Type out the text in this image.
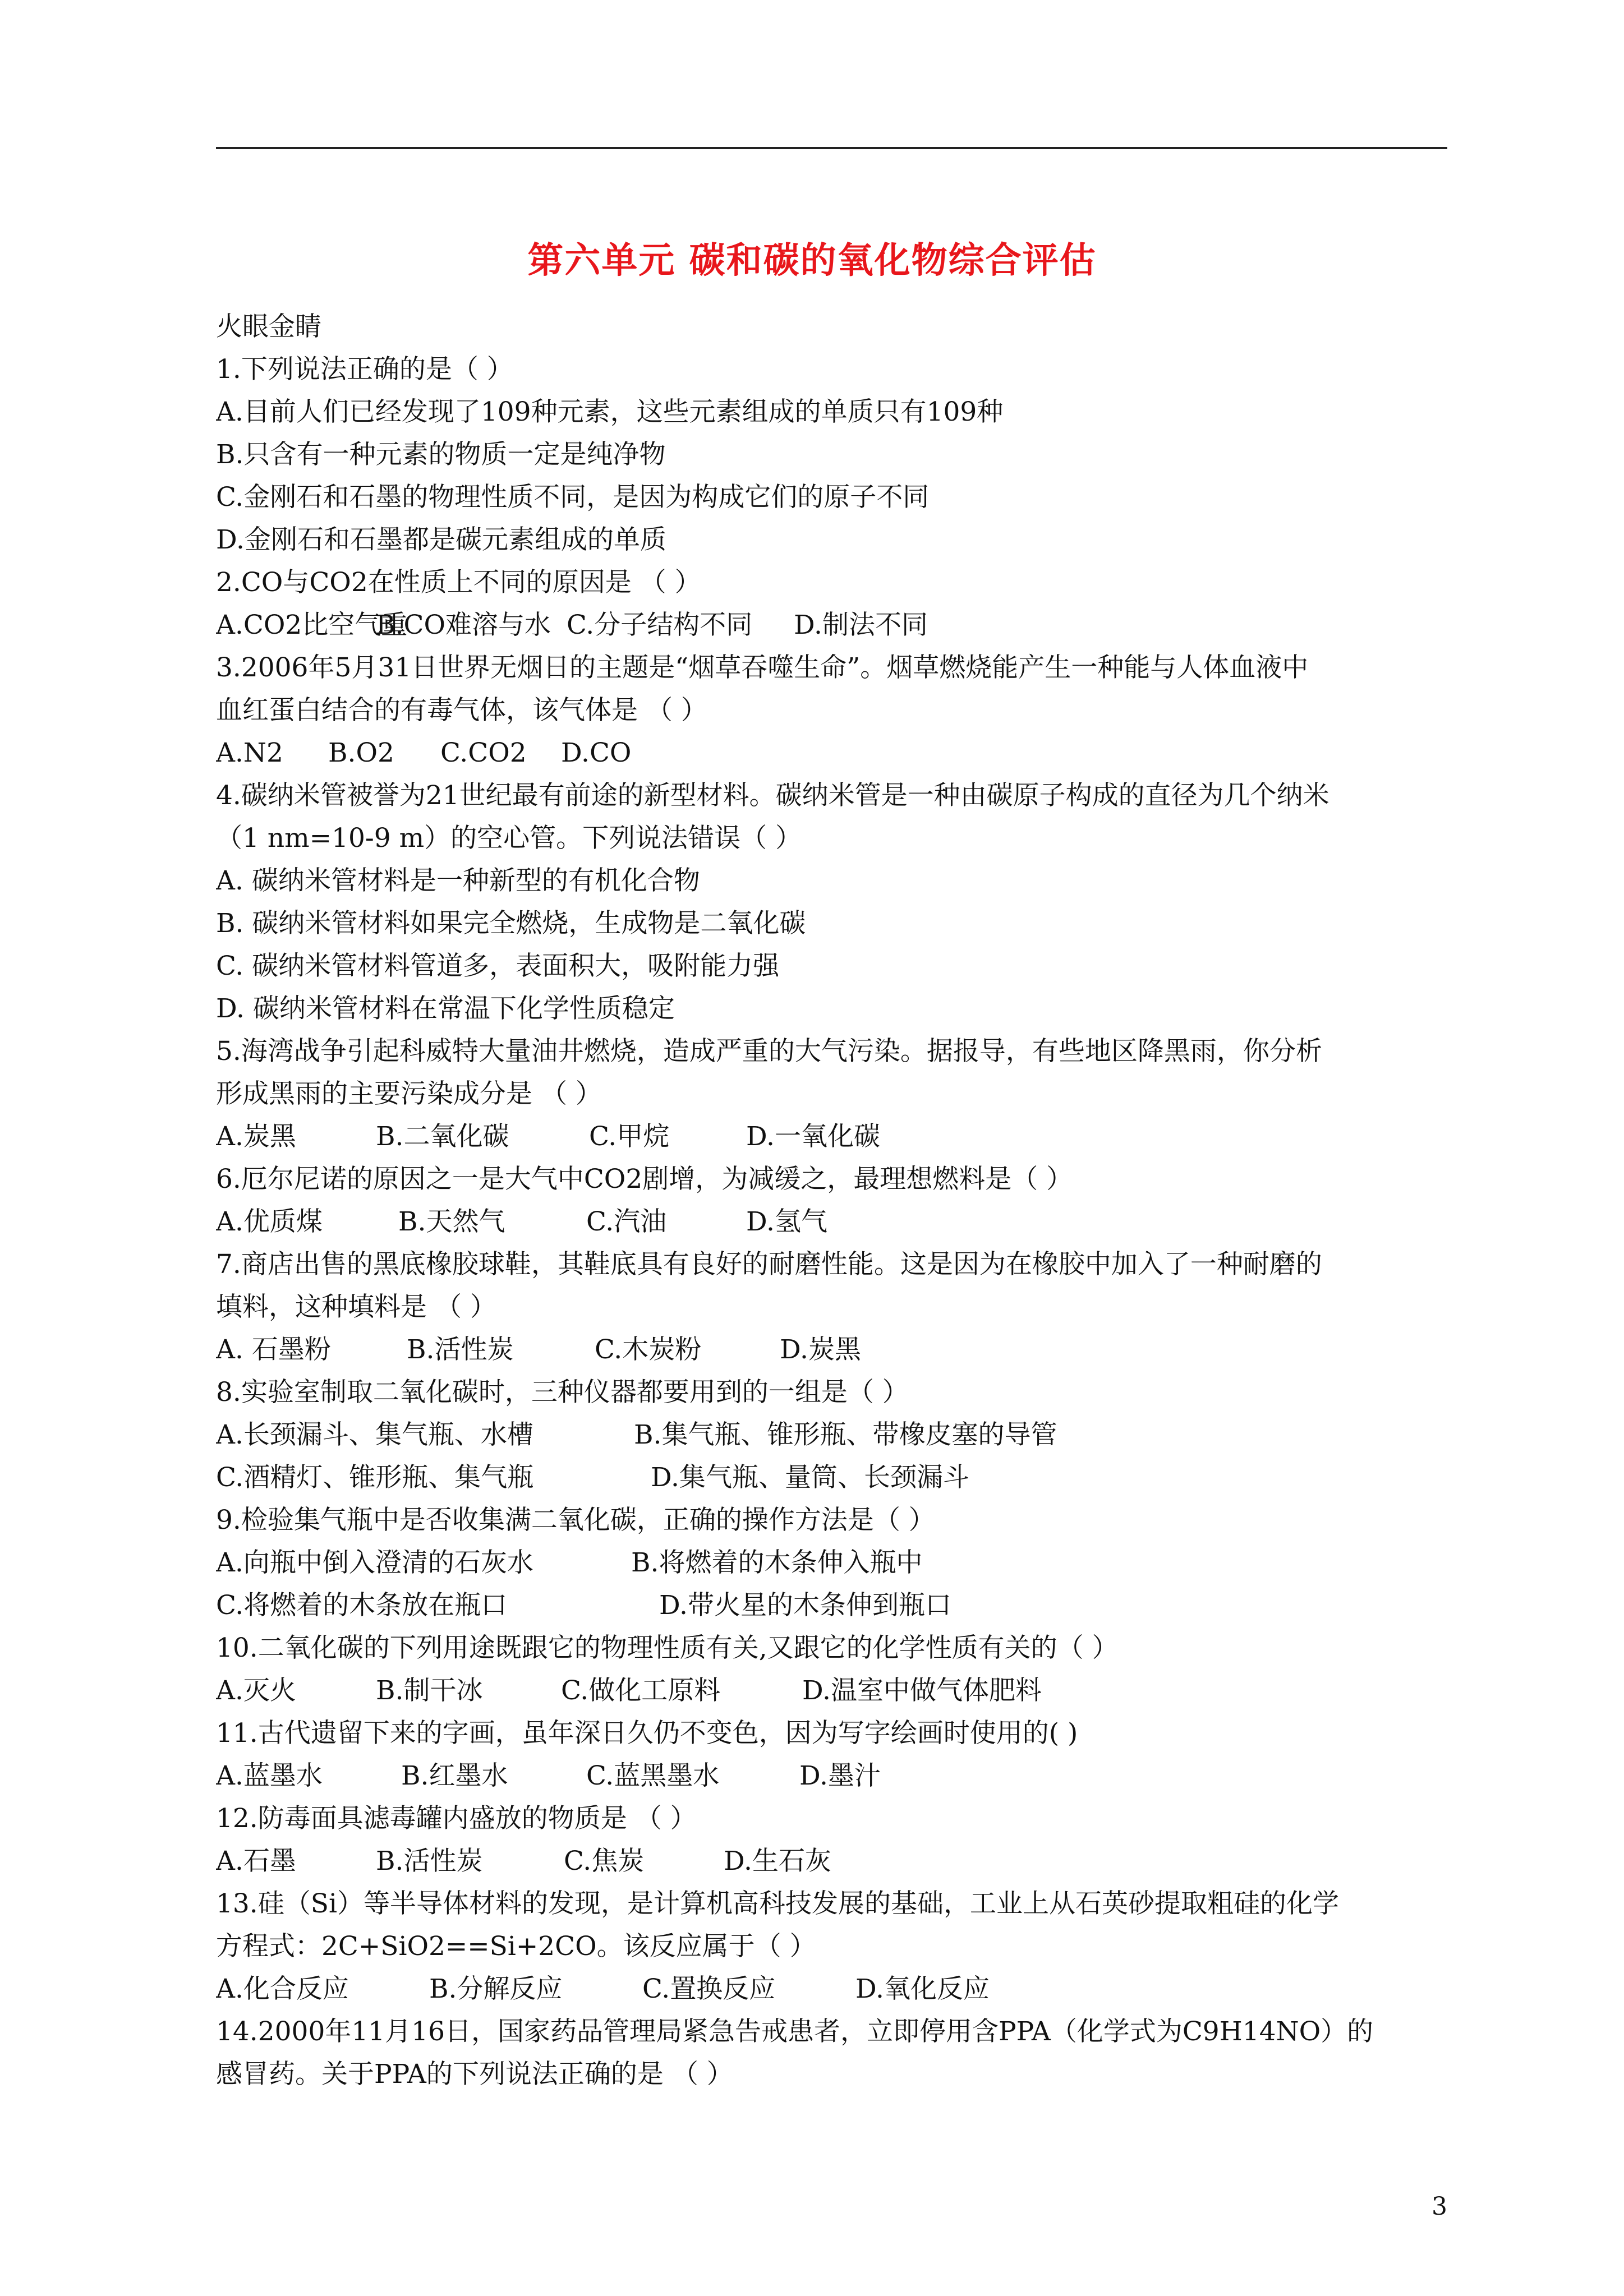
第六单元 碳和碳的氧化物综合评估
火眼金睛
1.下列说法正确的是（ ）
A.目前人们已经发现了109种元素，这些元素组成的单质只有109种
B.只含有一种元素的物质一定是纯净物
C.金刚石和石墨的物理性质不同，是因为构成它们的原子不同
D.金刚石和石墨都是碳元素组成的单质
2.CO与CO2在性质上不同的原因是 （ ）
A.CO2比空气重
B.CO难溶与水 C.分子结构不同	D.制法不同
3.2006年5月31日世界无烟日的主题是“烟草吞噬生命”。烟草燃烧能产生一种能与人体血液中
血红蛋白结合的有毒气体，该气体是 （ ）
A.N2	B.O2	C.CO2	D.CO
4.碳纳米管被誉为21世纪最有前途的新型材料。碳纳米管是一种由碳原子构成的直径为几个纳米
（1 nm=10-9 m）的空心管。下列说法错误（ ）
A. 碳纳米管材料是一种新型的有机化合物
B. 碳纳米管材料如果完全燃烧，生成物是二氧化碳
C. 碳纳米管材料管道多，表面积大，吸附能力强
D. 碳纳米管材料在常温下化学性质稳定
5.海湾战争引起科威特大量油井燃烧，造成严重的大气污染。据报导，有些地区降黑雨，你分析
形成黑雨的主要污染成分是 （ ）
A.炭黑	B.二氧化碳	C.甲烷	D.一氧化碳
6.厄尔尼诺的原因之一是大气中CO2剧增，为减缓之，最理想燃料是（ ）
A.优质煤	B.天然气	C.汽油	D.氢气
7.商店出售的黑底橡胶球鞋，其鞋底具有良好的耐磨性能。这是因为在橡胶中加入了一种耐磨的
填料，这种填料是 （ ）
A. 石墨粉	B.活性炭	C.木炭粉	D.炭黑
8.实验室制取二氧化碳时，三种仪器都要用到的一组是（ ）
A.长颈漏斗、集气瓶、水槽	B.集气瓶、锥形瓶、带橡皮塞的导管
C.酒精灯、锥形瓶、集气瓶	D.集气瓶、量筒、长颈漏斗
9.检验集气瓶中是否收集满二氧化碳，正确的操作方法是（ ）
A.向瓶中倒入澄清的石灰水	B.将燃着的木条伸入瓶中
C.将燃着的木条放在瓶口	D.带火星的木条伸到瓶口
10.二氧化碳的下列用途既跟它的物理性质有关,又跟它的化学性质有关的（ ）
A.灭火	B.制干冰	C.做化工原料	D.温室中做气体肥料
11.古代遗留下来的字画，虽年深日久仍不变色，因为写字绘画时使用的( )
A.蓝墨水	B.红墨水	C.蓝黑墨水	D.墨汁
12.防毒面具滤毒罐内盛放的物质是 （ ）
A.石墨	B.活性炭	C.焦炭	D.生石灰
13.硅（Si）等半导体材料的发现，是计算机高科技发展的基础，工业上从石英砂提取粗硅的化学
方程式：2C+SiO2==Si+2CO。该反应属于（ ）
A.化合反应	B.分解反应	C.置换反应	D.氧化反应
14.2000年11月16日，国家药品管理局紧急告戒患者，立即停用含PPA（化学式为C9H14NO）的
感冒药。关于PPA的下列说法正确的是 （ ）
3
